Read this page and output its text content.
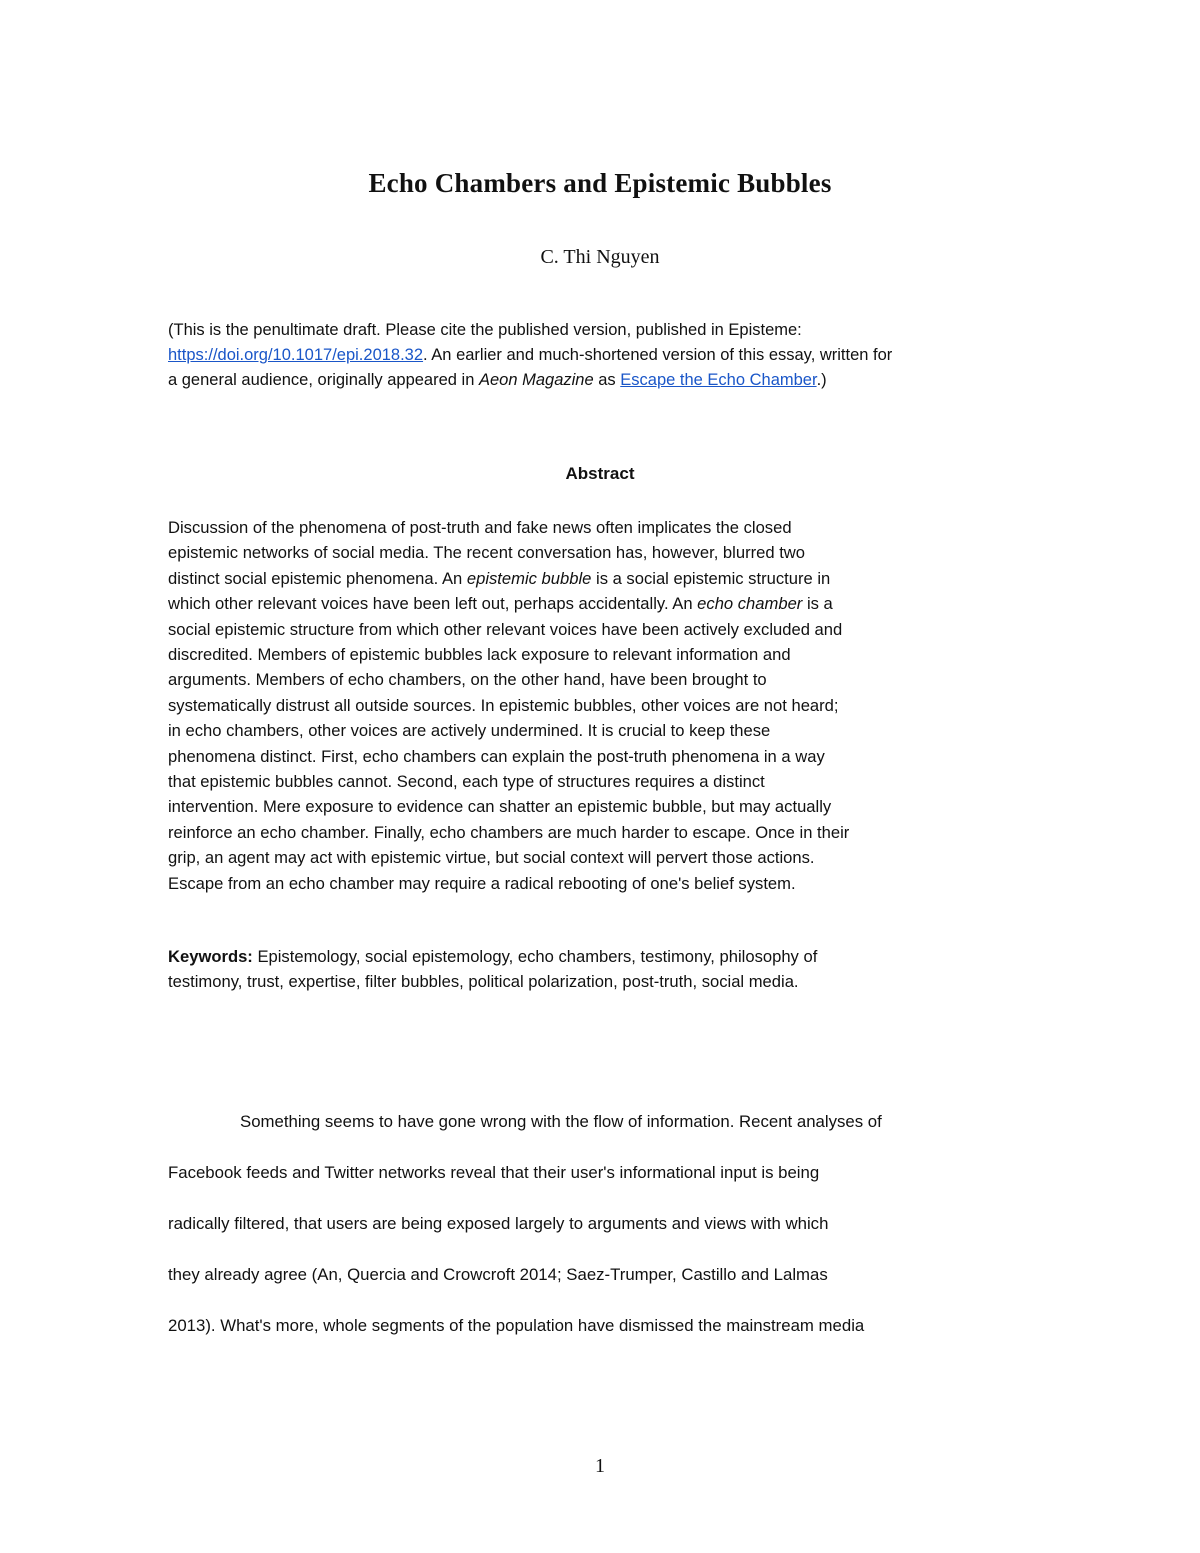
Echo Chambers and Epistemic Bubbles
C. Thi Nguyen
(This is the penultimate draft. Please cite the published version, published in Episteme:
https://doi.org/10.1017/epi.2018.32. An earlier and much-shortened version of this essay, written for
a general audience, originally appeared in Aeon Magazine as Escape the Echo Chamber.)
Abstract
Discussion of the phenomena of post-truth and fake news often implicates the closed
epistemic networks of social media. The recent conversation has, however, blurred two
distinct social epistemic phenomena. An epistemic bubble is a social epistemic structure in
which other relevant voices have been left out, perhaps accidentally. An echo chamber is a
social epistemic structure from which other relevant voices have been actively excluded and
discredited. Members of epistemic bubbles lack exposure to relevant information and
arguments. Members of echo chambers, on the other hand, have been brought to
systematically distrust all outside sources. In epistemic bubbles, other voices are not heard;
in echo chambers, other voices are actively undermined. It is crucial to keep these
phenomena distinct. First, echo chambers can explain the post-truth phenomena in a way
that epistemic bubbles cannot. Second, each type of structures requires a distinct
intervention. Mere exposure to evidence can shatter an epistemic bubble, but may actually
reinforce an echo chamber. Finally, echo chambers are much harder to escape. Once in their
grip, an agent may act with epistemic virtue, but social context will pervert those actions.
Escape from an echo chamber may require a radical rebooting of one's belief system.
Keywords: Epistemology, social epistemology, echo chambers, testimony, philosophy of
testimony, trust, expertise, filter bubbles, political polarization, post-truth, social media.
Something seems to have gone wrong with the flow of information. Recent analyses of
Facebook feeds and Twitter networks reveal that their user's informational input is being
radically filtered, that users are being exposed largely to arguments and views with which
they already agree (An, Quercia and Crowcroft 2014; Saez-Trumper, Castillo and Lalmas
2013). What's more, whole segments of the population have dismissed the mainstream media
1
